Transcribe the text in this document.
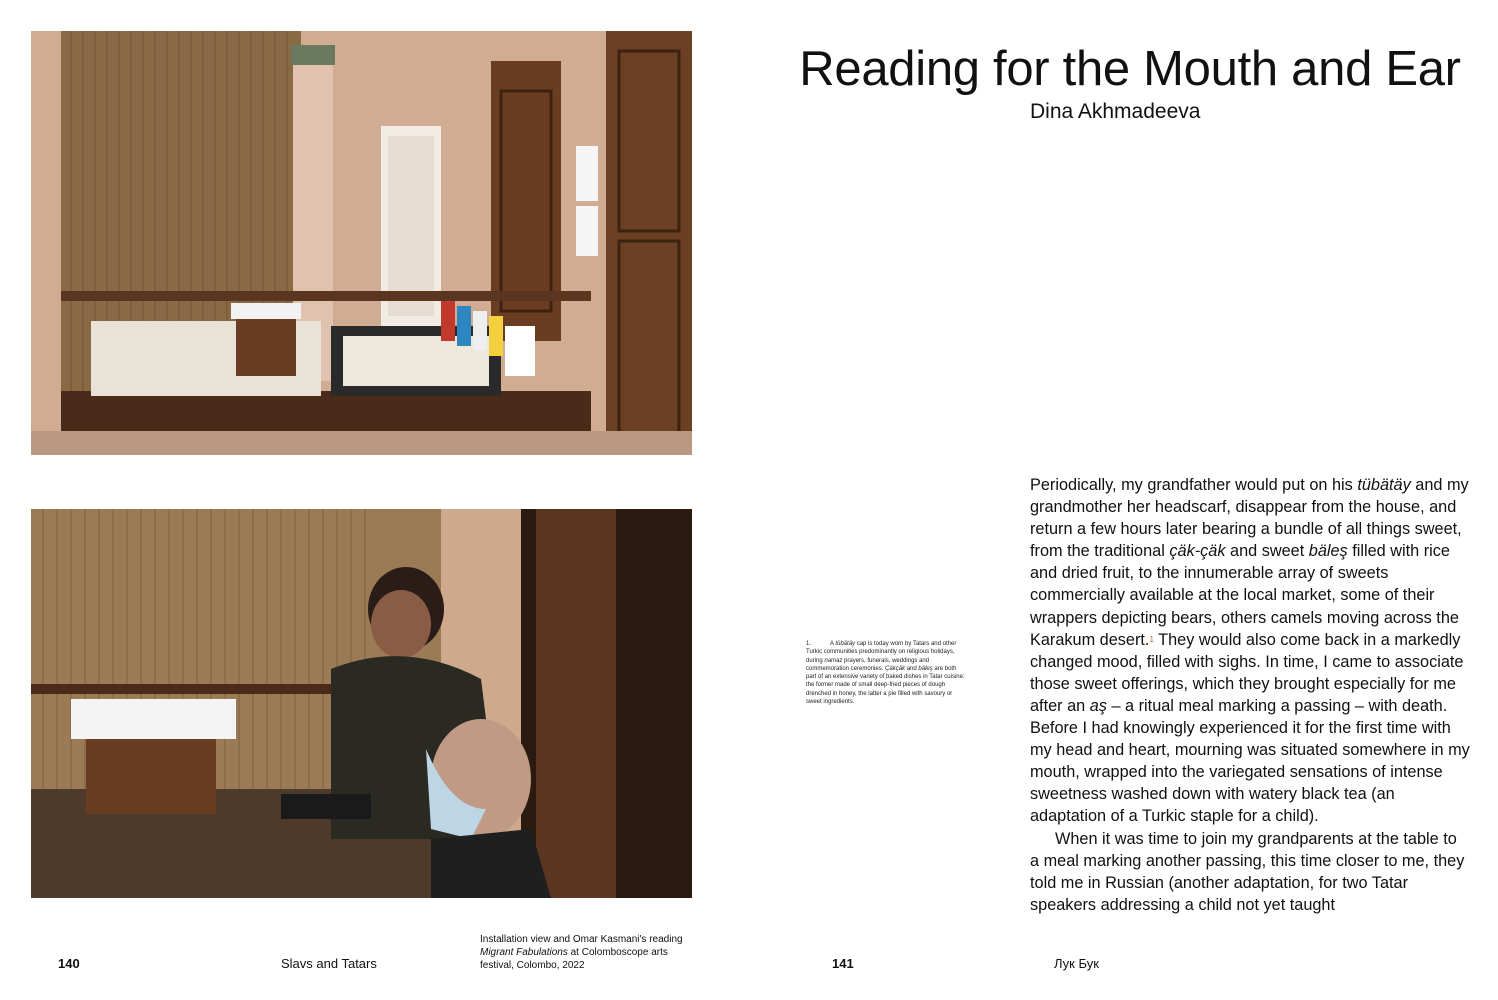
Reading for the Mouth and Ear
Dina Akhmadeeva
1.	A tübätäy cap is today worn by Tatars and other Turkic communities predominantly on religious holidays, during namaz prayers, funerals, weddings and commemoration ceremonies. Çäkçäk and bäleş are both part of an extensive variety of baked dishes in Tatar cuisine: the former made of small deep-fried pieces of dough drenched in honey, the latter a pie filled with savoury or sweet ingredients.

Periodically, my grandfather would put on his tübätäy and my grandmother her headscarf, disappear from the house, and return a few hours later bearing a bundle of all things sweet, from the traditional çäk-çäk and sweet bäleş filled with rice and dried fruit, to the innumerable array of sweets commercially available at the local market, some of their wrappers depicting bears, others camels moving across the Karakum desert.$^1$ They would also come back in a markedly changed mood, filled with sighs. In time, I came to associate those sweet offerings, which they brought especially for me after an aş – a ritual meal marking a passing – with death. Before I had knowingly experienced it for the first time with my head and heart, mourning was situated somewhere in my mouth, wrapped into the variegated sensations of intense sweetness washed down with watery black tea (an adaptation of a Turkic staple for a child).

When it was time to join my grandparents at the table to a meal marking another passing, this time closer to me, they told me in Russian (another adaptation, for two Tatar speakers addressing a child not yet taught

140	Slavs and Tatars
Installation view and Omar Kasmani's reading
Migrant Fabulations at Colomboscope arts festival, Colombo, 2022	141	Лук Бук
